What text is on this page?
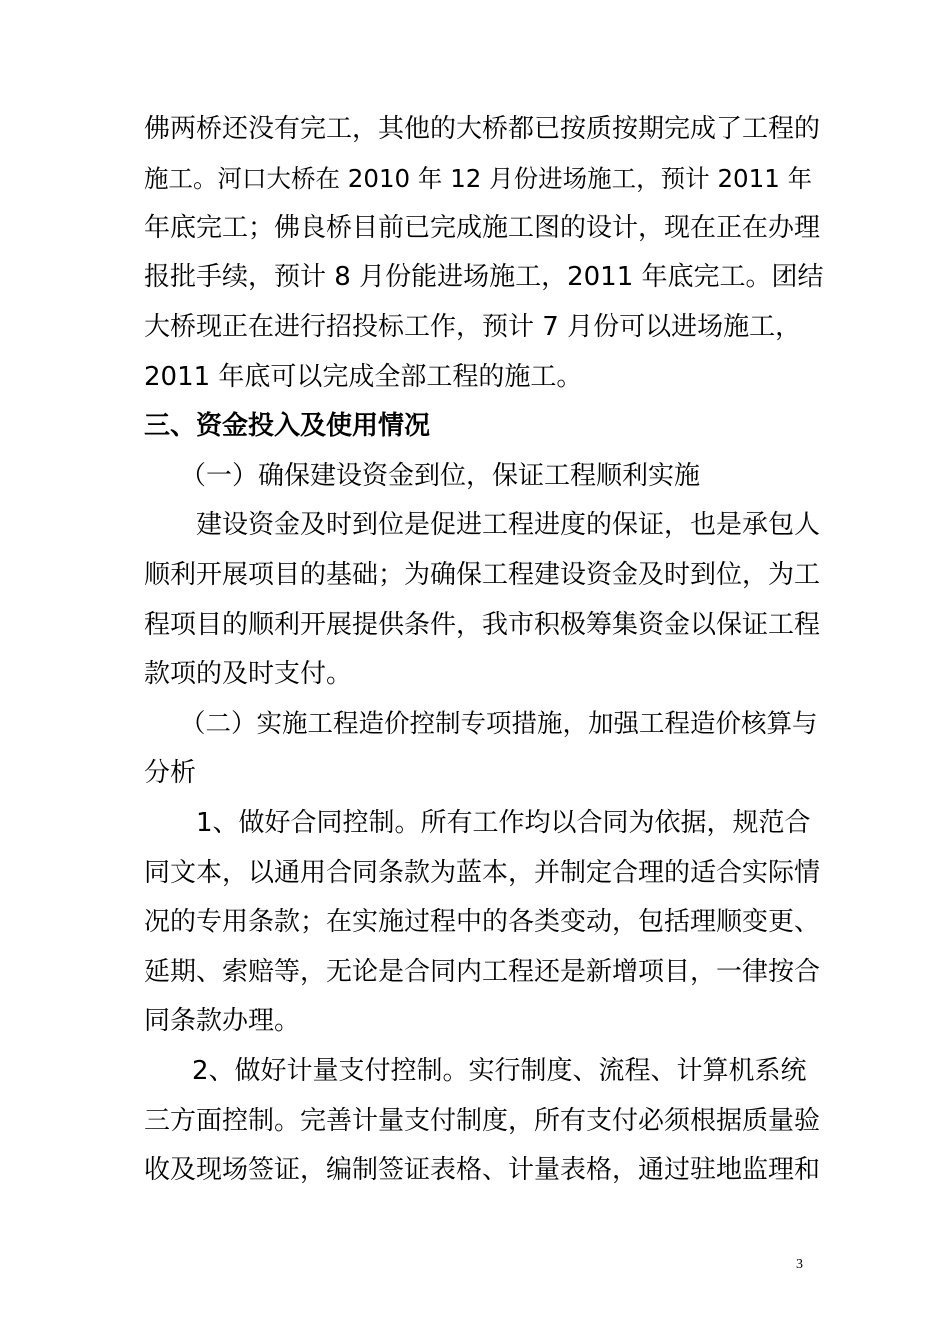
佛两桥还没有完工，其他的大桥都已按质按期完成了工程的
施工。河口大桥在 2010 年 12 月份进场施工，预计 2011 年
年底完工；佛良桥目前已完成施工图的设计，现在正在办理
报批手续，预计 8 月份能进场施工，2011 年底完工。团结
大桥现正在进行招投标工作，预计 7 月份可以进场施工，
2011 年底可以完成全部工程的施工。
三、资金投入及使用情况
（一）确保建设资金到位，保证工程顺利实施
建设资金及时到位是促进工程进度的保证，也是承包人
顺利开展项目的基础；为确保工程建设资金及时到位，为工
程项目的顺利开展提供条件，我市积极筹集资金以保证工程
款项的及时支付。
（二）实施工程造价控制专项措施，加强工程造价核算与
分析
1、做好合同控制。所有工作均以合同为依据，规范合
同文本，以通用合同条款为蓝本，并制定合理的适合实际情
况的专用条款；在实施过程中的各类变动，包括理顺变更、
延期、索赔等，无论是合同内工程还是新增项目，一律按合
同条款办理。
2、做好计量支付控制。实行制度、流程、计算机系统
三方面控制。完善计量支付制度，所有支付必须根据质量验
收及现场签证，编制签证表格、计量表格，通过驻地监理和
3
